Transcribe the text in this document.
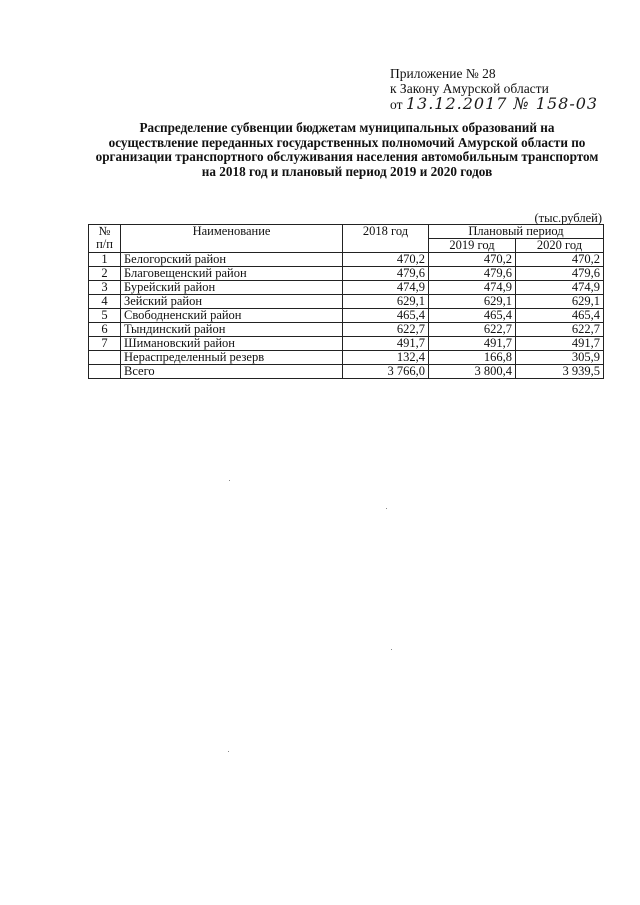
Приложение № 28
к Закону Амурской области
от 13.12.2017 № 158-03
Распределение субвенции бюджетам муниципальных образований на
осуществление переданных государственных полномочий Амурской области по
организации транспортного обслуживания населения автомобильным транспортом
на 2018 год и плановый период 2019 и 2020 годов
(тыс.рублей)
№
п/п	Наименование	2018 год	Плановый период	
			2019 год	2020 год
1	Белогорский район	470,2	470,2	470,2
2	Благовещенский район	479,6	479,6	479,6
3	Бурейский район	474,9	474,9	474,9
4	Зейский район	629,1	629,1	629,1
5	Свободненский район	465,4	465,4	465,4
6	Тындинский район	622,7	622,7	622,7
7	Шимановский район	491,7	491,7	491,7
	Нераспределенный резерв	132,4	166,8	305,9
	Всего	3 766,0	3 800,4	3 939,5
